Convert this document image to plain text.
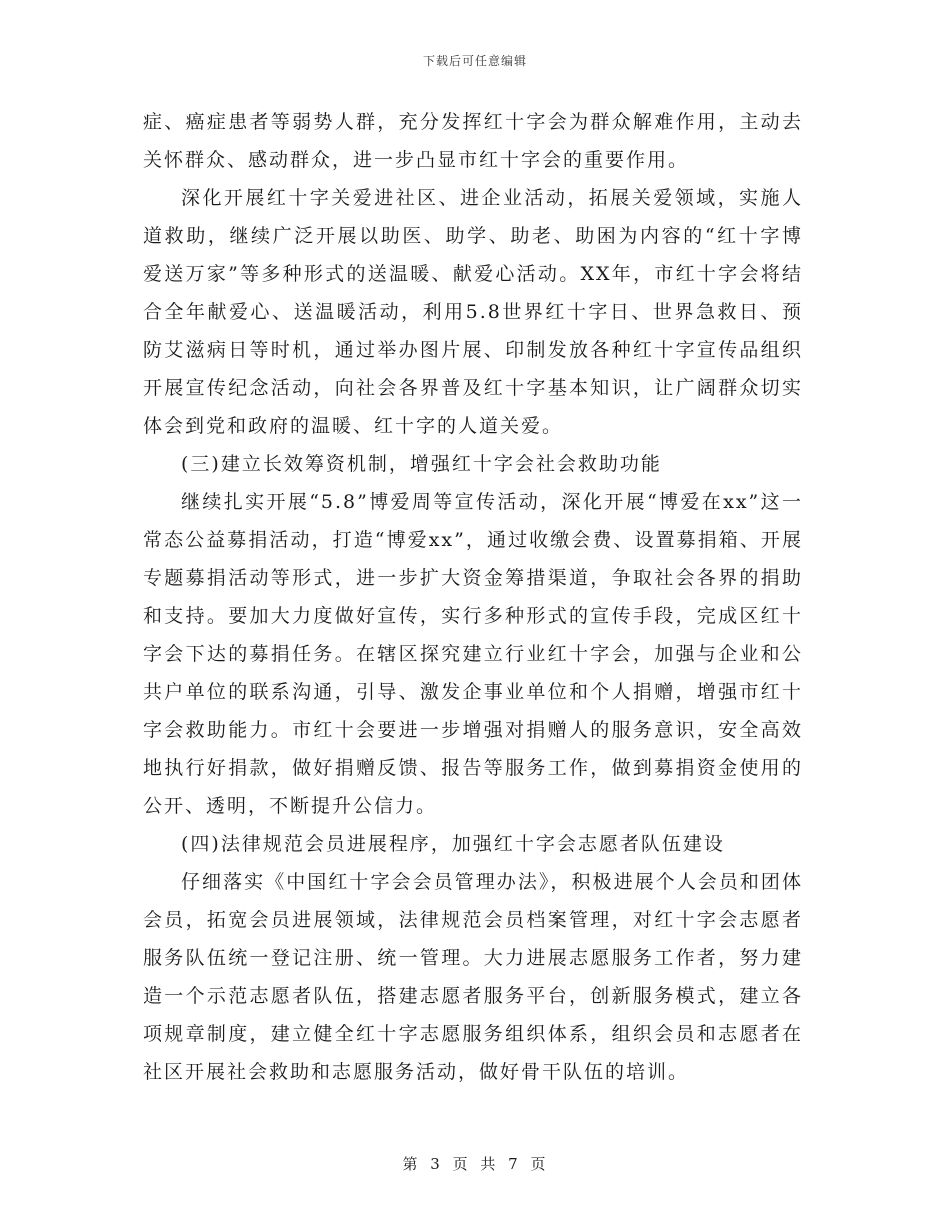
下载后可任意编辑

症、癌症患者等弱势人群，充分发挥红十字会为群众解难作用，主动去关怀群众、感动群众，进一步凸显市红十字会的重要作用。

深化开展红十字关爱进社区、进企业活动，拓展关爱领域，实施人道救助，继续广泛开展以助医、助学、助老、助困为内容的“红十字博爱送万家”等多种形式的送温暖、献爱心活动。XX年，市红十字会将结合全年献爱心、送温暖活动，利用5.8世界红十字日、世界急救日、预防艾滋病日等时机，通过举办图片展、印制发放各种红十字宣传品组织开展宣传纪念活动，向社会各界普及红十字基本知识，让广阔群众切实体会到党和政府的温暖、红十字的人道关爱。

(三)建立长效筹资机制，增强红十字会社会救助功能

继续扎实开展“5.8”博爱周等宣传活动，深化开展“博爱在xx”这一常态公益募捐活动，打造“博爱xx”，通过收缴会费、设置募捐箱、开展专题募捐活动等形式，进一步扩大资金筹措渠道，争取社会各界的捐助和支持。要加大力度做好宣传，实行多种形式的宣传手段，完成区红十字会下达的募捐任务。在辖区探究建立行业红十字会，加强与企业和公共户单位的联系沟通，引导、激发企事业单位和个人捐赠，增强市红十字会救助能力。市红十会要进一步增强对捐赠人的服务意识，安全高效地执行好捐款，做好捐赠反馈、报告等服务工作，做到募捐资金使用的公开、透明，不断提升公信力。

(四)法律规范会员进展程序，加强红十字会志愿者队伍建设

仔细落实《中国红十字会会员管理办法》，积极进展个人会员和团体会员，拓宽会员进展领域，法律规范会员档案管理，对红十字会志愿者服务队伍统一登记注册、统一管理。大力进展志愿服务工作者，努力建造一个示范志愿者队伍，搭建志愿者服务平台，创新服务模式，建立各项规章制度，建立健全红十字志愿服务组织体系，组织会员和志愿者在社区开展社会救助和志愿服务活动，做好骨干队伍的培训。

第 3 页 共 7 页
